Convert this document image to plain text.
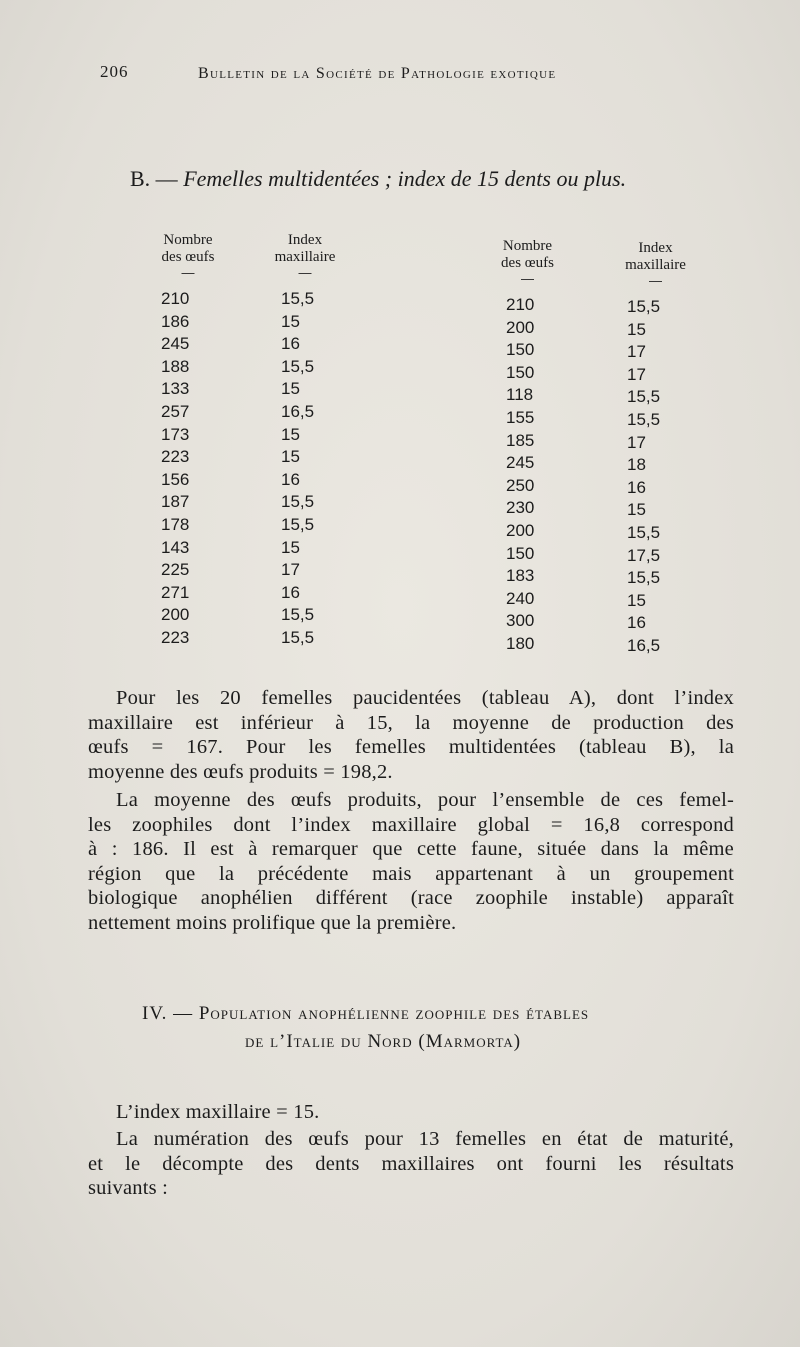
206	Bulletin de la Société de Pathologie exotique
B. — Femelles multidentées ; index de 15 dents ou plus.
Nombre
des œufs
—
210
186
245
188
133
257
173
223
156
187
178
143
225
271
200
223
Index
maxillaire
—
15,5
15
16
15,5
15
16,5
15
15
16
15,5
15,5
15
17
16
15,5
15,5
Nombre
des œufs
—
210
200
150
150
118
155
185
245
250
230
200
150
183
240
300
180
Index
maxillaire
—
15,5
15
17
17
15,5
15,5
17
18
16
15
15,5
17,5
15,5
15
16
16,5
Pour les 20 femelles paucidentées (tableau A), dont l’index
maxillaire est inférieur à 15, la moyenne de production des
œufs = 167. Pour les femelles multidentées (tableau B), la
moyenne des œufs produits = 198,2.
La moyenne des œufs produits, pour l’ensemble de ces femel-
les zoophiles dont l’index maxillaire global = 16,8 correspond
à : 186. Il est à remarquer que cette faune, située dans la même
région que la précédente mais appartenant à un groupement
biologique anophélien différent (race zoophile instable) apparaît
nettement moins prolifique que la première.
IV. — Population anophélienne zoophile des étables
de l’Italie du Nord (Marmorta)
L’index maxillaire = 15.
La numération des œufs pour 13 femelles en état de maturité,
et le décompte des dents maxillaires ont fourni les résultats
suivants :
